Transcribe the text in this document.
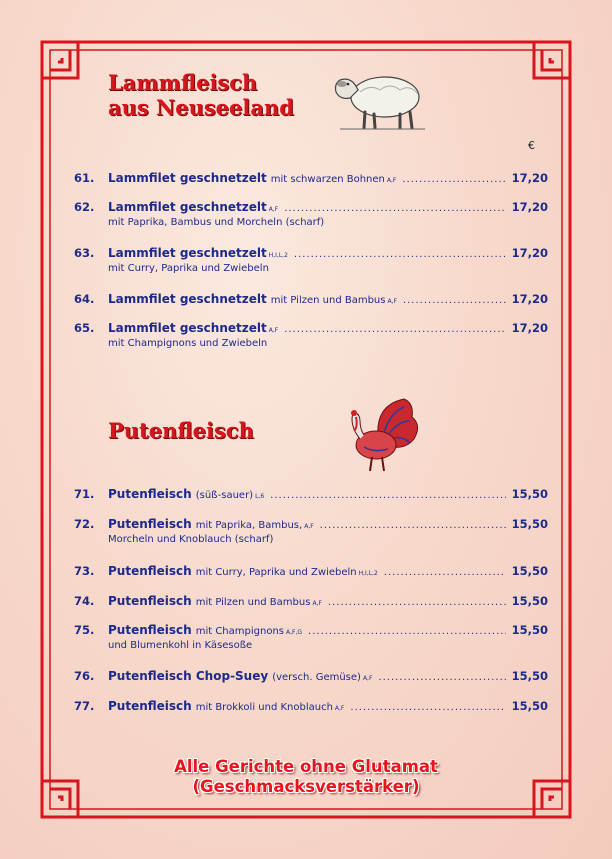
Lammfleisch
aus Neuseeland
€
61.	Lammfilet geschnetzelt mit schwarzen Bohnen A,F .....	17,20
62.	Lammfilet geschnetzelt A,F .....	17,20
mit Paprika, Bambus und Morcheln (scharf)
63.	Lammfilet geschnetzelt H,I,L,2 .....	17,20
mit Curry, Paprika und Zwiebeln
64.	Lammfilet geschnetzelt mit Pilzen und Bambus A,F .....	17,20
65.	Lammfilet geschnetzelt A,F .....	17,20
mit Champignons und Zwiebeln
Putenfleisch
71.	Putenfleisch (süß-sauer) L,6 .....	15,50
72.	Putenfleisch mit Paprika, Bambus, A,F .....	15,50
Morcheln und Knoblauch (scharf)
73.	Putenfleisch mit Curry, Paprika und Zwiebeln H,I,L,2 .....	15,50
74.	Putenfleisch mit Pilzen und Bambus A,F .....	15,50
75.	Putenfleisch mit Champignons A,F,G .....	15,50
und Blumenkohl in Käsesoße
76.	Putenfleisch Chop-Suey (versch. Gemüse) A,F .....	15,50
77.	Putenfleisch mit Brokkoli und Knoblauch A,F .....	15,50
Alle Gerichte ohne Glutamat
(Geschmacksverstärker)
